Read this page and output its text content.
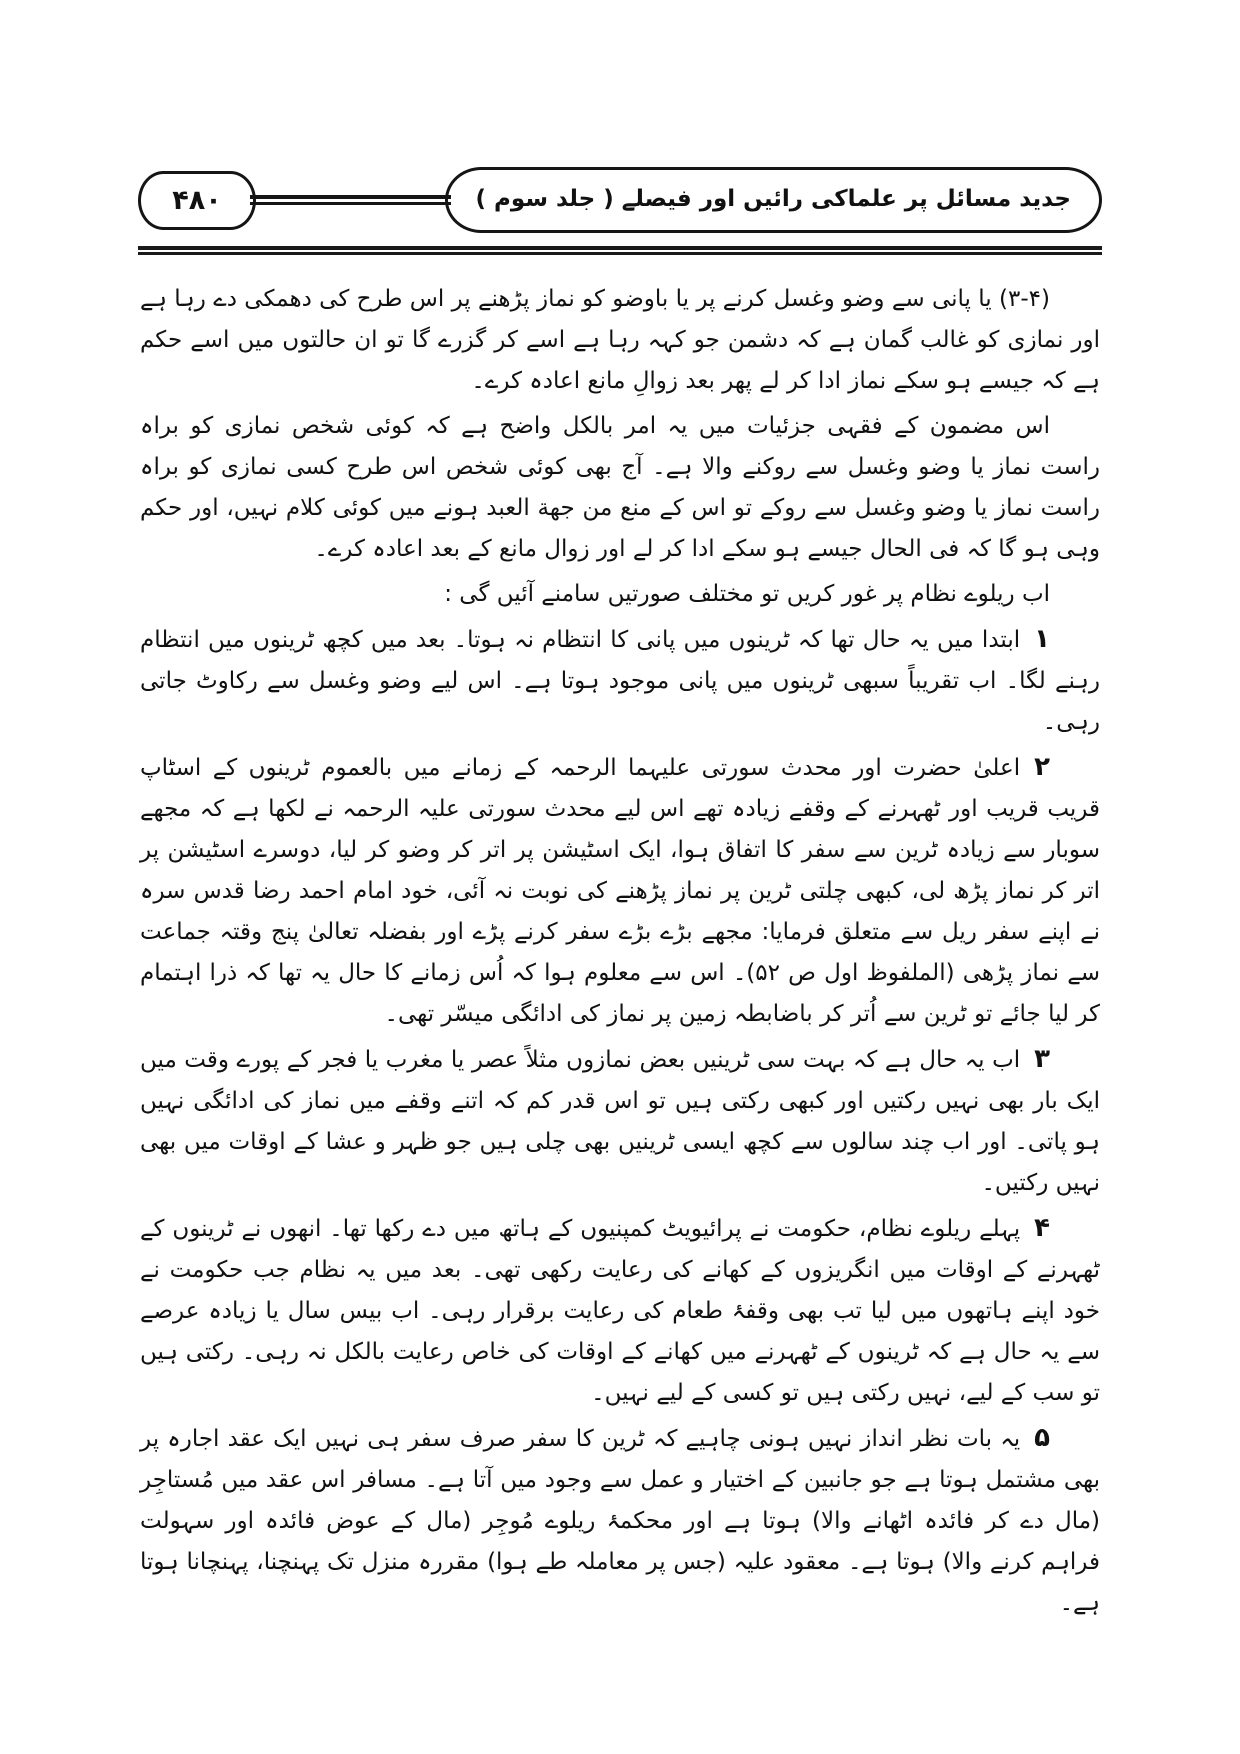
۴۸۰	جدید مسائل پر علماکی رائیں اور فیصلے ( جلد سوم )

(۳-۴) یا پانی سے وضو وغسل کرنے پر یا باوضو کو نماز پڑھنے پر اس طرح کی دھمکی دے رہا ہے اور نمازی کو غالب گمان ہے کہ دشمن جو کہہ رہا ہے اسے کر گزرے گا تو ان حالتوں میں اسے حکم ہے کہ جیسے ہو سکے نماز ادا کر لے پھر بعد زوالِ مانع اعادہ کرے۔

اس مضمون کے فقہی جزئیات میں یہ امر بالکل واضح ہے کہ کوئی شخص نمازی کو براہ راست نماز یا وضو وغسل سے روکنے والا ہے۔ آج بھی کوئی شخص اس طرح کسی نمازی کو براہ راست نماز یا وضو وغسل سے روکے تو اس کے منع من جهة العبد ہونے میں کوئی کلام نہیں، اور حکم وہی ہو گا کہ فی الحال جیسے ہو سکے ادا کر لے اور زوال مانع کے بعد اعادہ کرے۔

اب ریلوے نظام پر غور کریں تو مختلف صورتیں سامنے آئیں گی :

۱ابتدا میں یہ حال تھا کہ ٹرینوں میں پانی کا انتظام نہ ہوتا۔ بعد میں کچھ ٹرینوں میں انتظام رہنے لگا۔ اب تقریباً سبھی ٹرینوں میں پانی موجود ہوتا ہے۔ اس لیے وضو وغسل سے رکاوٹ جاتی رہی۔

۲اعلیٰ حضرت اور محدث سورتی علیہما الرحمہ کے زمانے میں بالعموم ٹرینوں کے اسٹاپ قریب قریب اور ٹھہرنے کے وقفے زیادہ تھے اس لیے محدث سورتی علیہ الرحمہ نے لکھا ہے کہ مجھے سوبار سے زیادہ ٹرین سے سفر کا اتفاق ہوا، ایک اسٹیشن پر اتر کر وضو کر لیا، دوسرے اسٹیشن پر اتر کر نماز پڑھ لی، کبھی چلتی ٹرین پر نماز پڑھنے کی نوبت نہ آئی، خود امام احمد رضا قدس سرہ نے اپنے سفر ریل سے متعلق فرمایا: مجھے بڑے بڑے سفر کرنے پڑے اور بفضلہ تعالیٰ پنج وقتہ جماعت سے نماز پڑھی (الملفوظ اول ص ۵۲)۔ اس سے معلوم ہوا کہ اُس زمانے کا حال یہ تھا کہ ذرا اہتمام کر لیا جائے تو ٹرین سے اُتر کر باضابطہ زمین پر نماز کی ادائگی میسّر تھی۔

۳اب یہ حال ہے کہ بہت سی ٹرینیں بعض نمازوں مثلاً عصر یا مغرب یا فجر کے پورے وقت میں ایک بار بھی نہیں رکتیں اور کبھی رکتی ہیں تو اس قدر کم کہ اتنے وقفے میں نماز کی ادائگی نہیں ہو پاتی۔ اور اب چند سالوں سے کچھ ایسی ٹرینیں بھی چلی ہیں جو ظہر و عشا کے اوقات میں بھی نہیں رکتیں۔

۴پہلے ریلوے نظام، حکومت نے پرائیویٹ کمپنیوں کے ہاتھ میں دے رکھا تھا۔ انھوں نے ٹرینوں کے ٹھہرنے کے اوقات میں انگریزوں کے کھانے کی رعایت رکھی تھی۔ بعد میں یہ نظام جب حکومت نے خود اپنے ہاتھوں میں لیا تب بھی وقفۂ طعام کی رعایت برقرار رہی۔ اب بیس سال یا زیادہ عرصے سے یہ حال ہے کہ ٹرینوں کے ٹھہرنے میں کھانے کے اوقات کی خاص رعایت بالکل نہ رہی۔ رکتی ہیں تو سب کے لیے، نہیں رکتی ہیں تو کسی کے لیے نہیں۔

۵یہ بات نظر انداز نہیں ہونی چاہیے کہ ٹرین کا سفر صرف سفر ہی نہیں ایک عقد اجارہ پر بھی مشتمل ہوتا ہے جو جانبین کے اختیار و عمل سے وجود میں آتا ہے۔ مسافر اس عقد میں مُستاجِر (مال دے کر فائدہ اٹھانے والا) ہوتا ہے اور محکمۂ ریلوے مُوجِر (مال کے عوض فائدہ اور سہولت فراہم کرنے والا) ہوتا ہے۔ معقود علیہ (جس پر معاملہ طے ہوا) مقررہ منزل تک پہنچنا، پہنچانا ہوتا ہے۔
